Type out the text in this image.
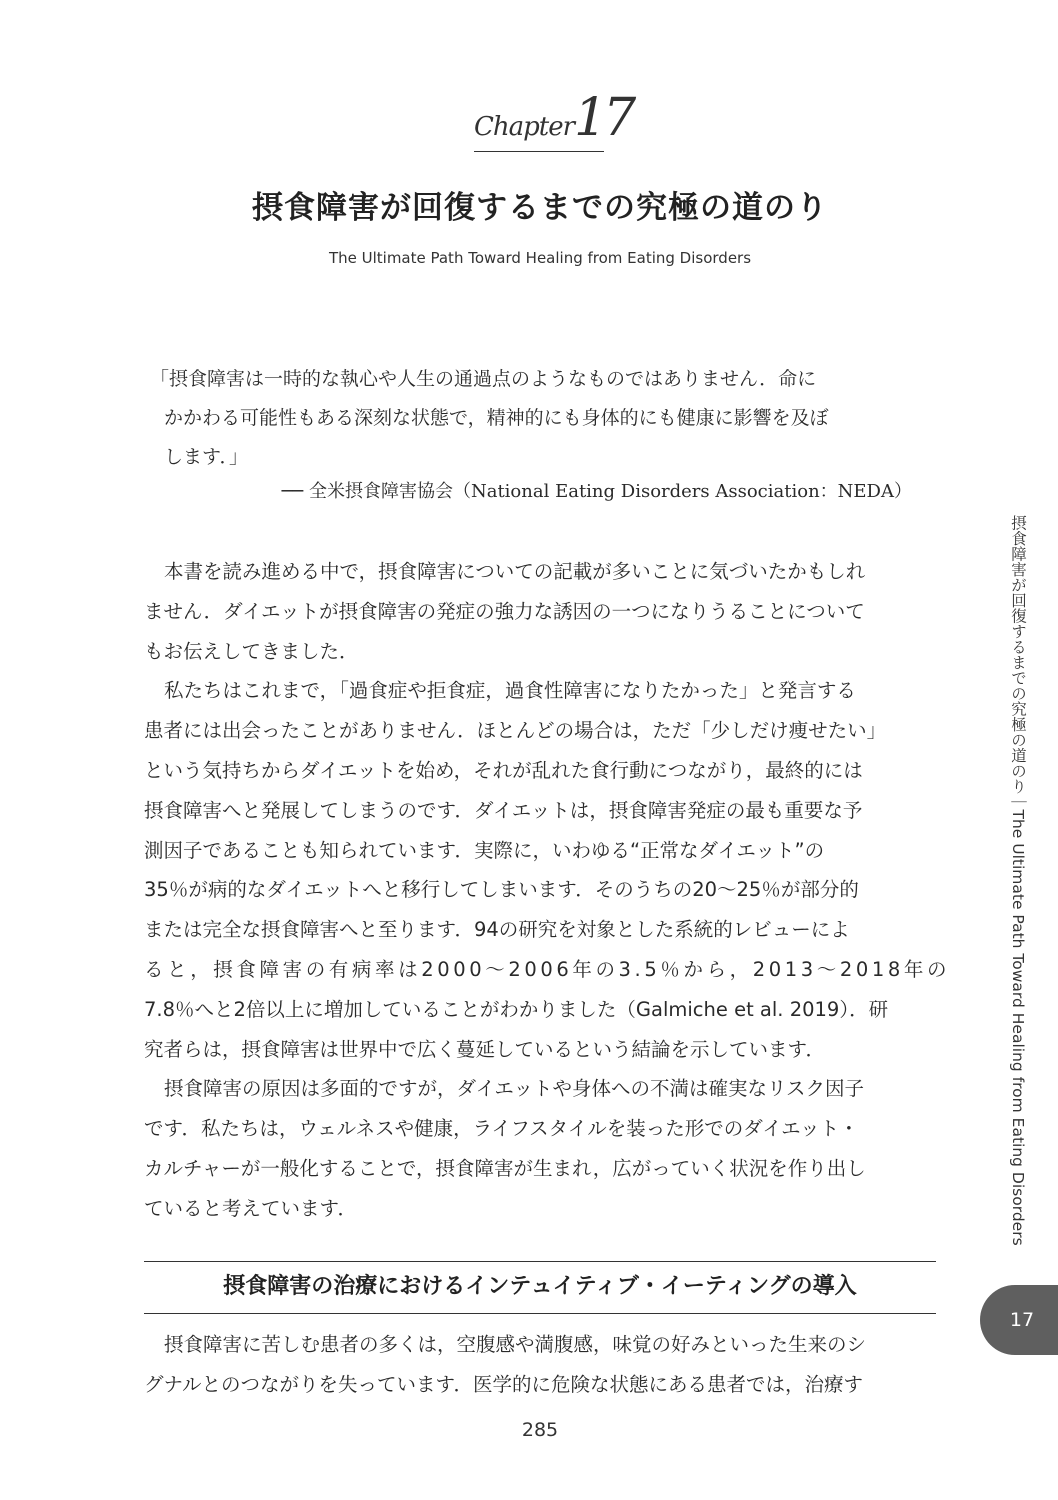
Chapter17
摂食障害が回復するまでの究極の道のり
The Ultimate Path Toward Healing from Eating Disorders
「摂食障害は一時的な執心や人生の通過点のようなものではありません．命に
かかわる可能性もある深刻な状態で，精神的にも身体的にも健康に影響を及ぼ
します．」
── 全米摂食障害協会（National Eating Disorders Association：NEDA）
本書を読み進める中で，摂食障害についての記載が多いことに気づいたかもしれ
ません．ダイエットが摂食障害の発症の強力な誘因の一つになりうることについて
もお伝えしてきました．
私たちはこれまで，「過食症や拒食症，過食性障害になりたかった」と発言する
患者には出会ったことがありません．ほとんどの場合は，ただ「少しだけ痩せたい」
という気持ちからダイエットを始め，それが乱れた食行動につながり，最終的には
摂食障害へと発展してしまうのです．ダイエットは，摂食障害発症の最も重要な予
測因子であることも知られています．実際に，いわゆる“正常なダイエット”の
35％が病的なダイエットへと移行してしまいます．そのうちの20〜25％が部分的
または完全な摂食障害へと至ります．94の研究を対象とした系統的レビューによ
ると，摂食障害の有病率は2000〜2006年の3.5％から，2013〜2018年の
7.8％へと2倍以上に増加していることがわかりました（Galmiche et al. 2019）．研
究者らは，摂食障害は世界中で広く蔓延しているという結論を示しています．
摂食障害の原因は多面的ですが，ダイエットや身体への不満は確実なリスク因子
です．私たちは，ウェルネスや健康，ライフスタイルを装った形でのダイエット・
カルチャーが一般化することで，摂食障害が生まれ，広がっていく状況を作り出し
ていると考えています．
摂食障害の治療におけるインテュイティブ・イーティングの導入
摂食障害に苦しむ患者の多くは，空腹感や満腹感，味覚の好みといった生来のシ
グナルとのつながりを失っています．医学的に危険な状態にある患者では，治療す
摂食障害が回復するまでの究極の道のり｜The Ultimate Path Toward Healing from Eating Disorders
17
285
